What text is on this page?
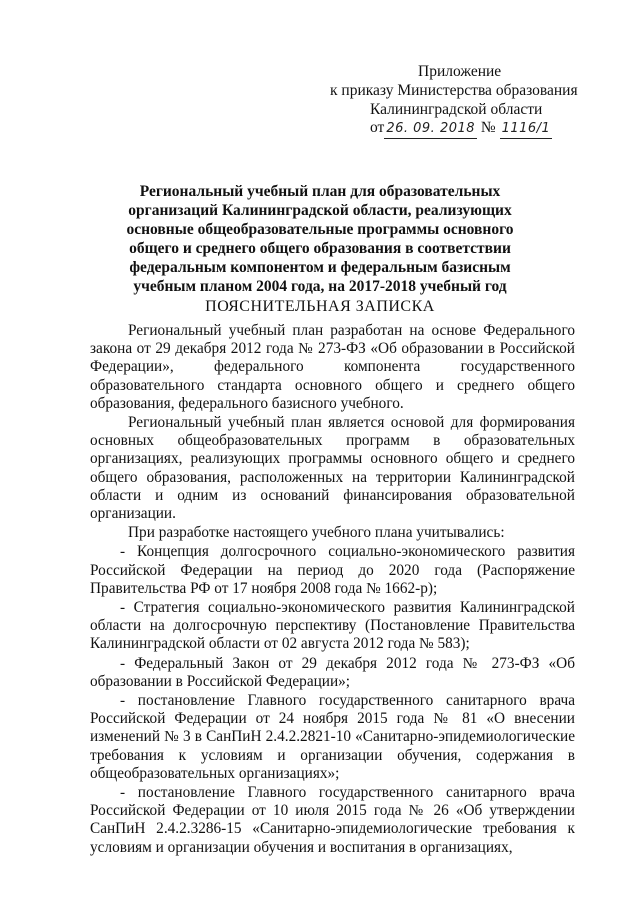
Приложение
к приказу Министерства образования
Калининградской области
от 26. 09. 2018 № 1116/1
Региональный учебный план для образовательных организаций Калининградской области, реализующих основные общеобразовательные программы основного общего и среднего общего образования в соответствии федеральным компонентом и федеральным базисным учебным планом 2004 года, на 2017-2018 учебный год
ПОЯСНИТЕЛЬНАЯ ЗАПИСКА

Региональный учебный план разработан на основе Федерального закона от 29 декабря 2012 года № 273-ФЗ «Об образовании в Российской Федерации», федерального компонента государственного образовательного стандарта основного общего и среднего общего образования, федерального базисного учебного.

Региональный учебный план является основой для формирования основных общеобразовательных программ в образовательных организациях, реализующих программы основного общего и среднего общего образования, расположенных на территории Калининградской области и одним из оснований финансирования образовательной организации.

При разработке настоящего учебного плана учитывались:

- Концепция долгосрочного социально-экономического развития Российской Федерации на период до 2020 года (Распоряжение Правительства РФ от 17 ноября 2008 года № 1662-р);

- Стратегия социально-экономического развития Калининградской области на долгосрочную перспективу (Постановление Правительства Калининградской области от 02 августа 2012 года № 583);

- Федеральный Закон от 29 декабря 2012 года № 273-ФЗ «Об образовании в Российской Федерации»;

- постановление Главного государственного санитарного врача Российской Федерации от 24 ноября 2015 года № 81 «О внесении изменений № 3 в СанПиН 2.4.2.2821-10 «Санитарно-эпидемиологические требования к условиям и организации обучения, содержания в общеобразовательных организациях»;

- постановление Главного государственного санитарного врача Российской Федерации от 10 июля 2015 года № 26 «Об утверждении СанПиН 2.4.2.3286-15 «Санитарно-эпидемиологические требования к условиям и организации обучения и воспитания в организациях,
